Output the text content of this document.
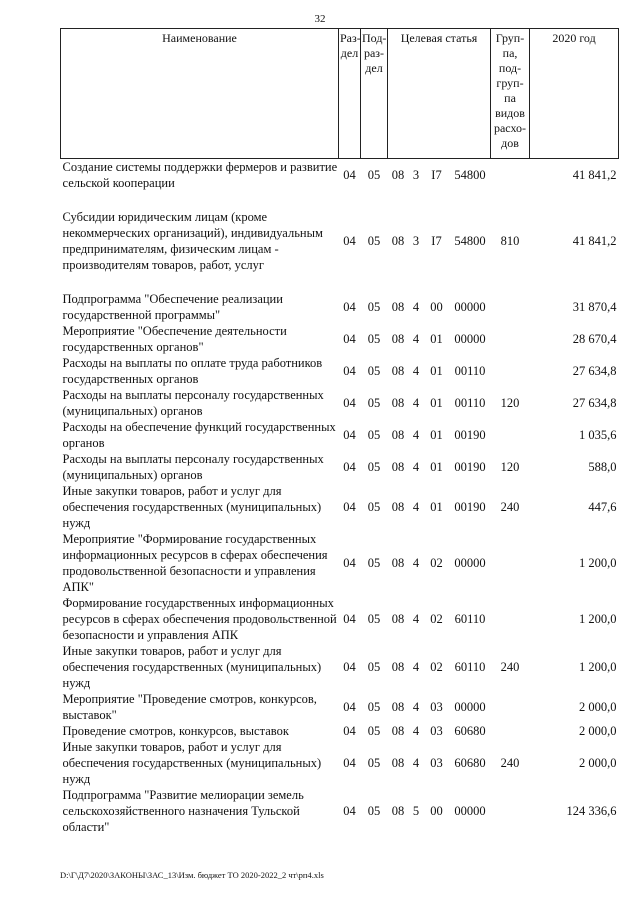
32
Наименование	Раз-дел	Под-раз-дел	Целевая статья				Груп-па, под-груп-па видов расхо-дов	2020 год
Создание системы поддержки фермеров и развитие сельской кооперации	04	05	08	3	I7	54800		41 841,2

Субсидии юридическим лицам (кроме некоммерческих организаций), индивидуальным предпринимателям, физическим лицам - производителям товаров, работ, услуг	04	05	08	3	I7	54800	810	41 841,2

Подпрограмма "Обеспечение реализации государственной программы"	04	05	08	4	00	00000		31 870,4
Мероприятие "Обеспечение деятельности государственных органов"	04	05	08	4	01	00000		28 670,4
Расходы на выплаты по оплате труда работников государственных органов	04	05	08	4	01	00110		27 634,8
Расходы на выплаты персоналу государственных (муниципальных) органов	04	05	08	4	01	00110	120	27 634,8
Расходы на обеспечение функций государственных органов	04	05	08	4	01	00190		1 035,6
Расходы на выплаты персоналу государственных (муниципальных) органов	04	05	08	4	01	00190	120	588,0
Иные закупки товаров, работ и услуг для обеспечения государственных (муниципальных) нужд	04	05	08	4	01	00190	240	447,6
Мероприятие "Формирование государственных информационных ресурсов в сферах обеспечения продовольственной безопасности и управления АПК"	04	05	08	4	02	00000		1 200,0
Формирование государственных информационных ресурсов в сферах обеспечения продовольственной безопасности и управления АПК	04	05	08	4	02	60110		1 200,0
Иные закупки товаров, работ и услуг для обеспечения государственных (муниципальных) нужд	04	05	08	4	02	60110	240	1 200,0
Мероприятие "Проведение смотров, конкурсов, выставок"	04	05	08	4	03	00000		2 000,0
Проведение смотров, конкурсов, выставок	04	05	08	4	03	60680		2 000,0
Иные закупки товаров, работ и услуг для обеспечения государственных (муниципальных) нужд	04	05	08	4	03	60680	240	2 000,0
Подпрограмма "Развитие мелиорации земель сельскохозяйственного назначения Тульской области"	04	05	08	5	00	00000		124 336,6
D:\Г\Д7\2020\ЗАКОНЫ\ЗАС_13\Изм. бюджет ТО 2020-2022_2 чт\рп4.xls
